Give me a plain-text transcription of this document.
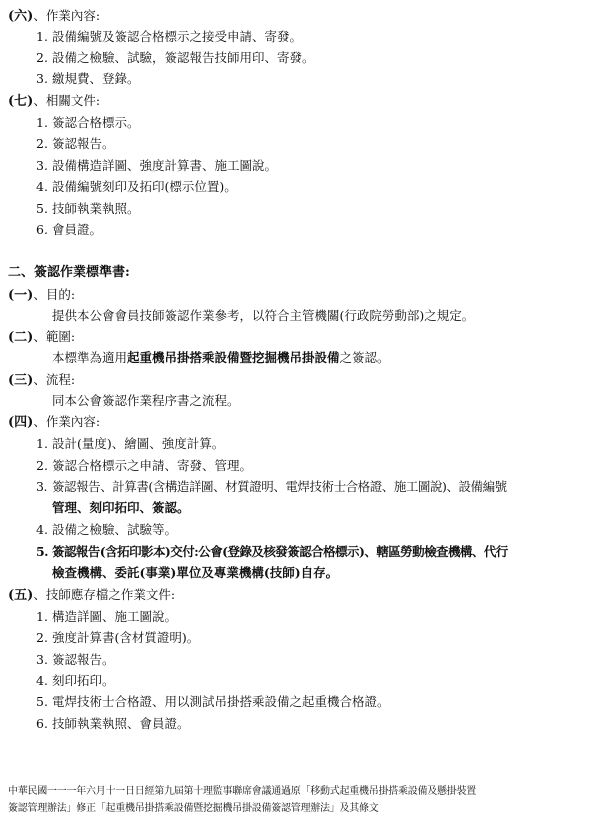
(六)、作業內容:
1. 設備編號及簽認合格標示之接受申請、寄發。
2. 設備之檢驗、試驗，簽認報告技師用印、寄發。
3. 繳規費、登錄。
(七)、相關文件:
1. 簽認合格標示。
2. 簽認報告。
3. 設備構造詳圖、強度計算書、施工圖說。
4. 設備編號刻印及拓印(標示位置)。
5. 技師執業執照。
6. 會員證。
二、簽認作業標準書:
(一)、目的:
提供本公會會員技師簽認作業參考，以符合主管機關(行政院勞動部)之規定。
(二)、範圍:
本標準為適用起重機吊掛搭乘設備暨挖掘機吊掛設備之簽認。
(三)、流程:
同本公會簽認作業程序書之流程。
(四)、作業內容:
1. 設計(量度)、繪圖、強度計算。
2. 簽認合格標示之申請、寄發、管理。
3. 簽認報告、計算書(含構造詳圖、材質證明、電焊技術士合格證、施工圖說)、設備編號
管理、刻印拓印、簽認。
4. 設備之檢驗、試驗等。
5. 簽認報告(含拓印影本)交付:公會(登錄及核發簽認合格標示)、轄區勞動檢查機構、代行
檢查機構、委託(事業)單位及專業機構(技師)自存。
(五)、技師應存檔之作業文件:
1. 構造詳圖、施工圖說。
2. 強度計算書(含材質證明)。
3. 簽認報告。
4. 刻印拓印。
5. 電焊技術士合格證、用以測試吊掛搭乘設備之起重機合格證。
6. 技師執業執照、會員證。
中華民國一一一年六月十一日日經第九屆第十理監事聯席會議通過原「移動式起重機吊掛搭乘設備及懸掛裝置
簽認管理辦法」修正「起重機吊掛搭乘設備暨挖掘機吊掛設備簽認管理辦法」及其條文
